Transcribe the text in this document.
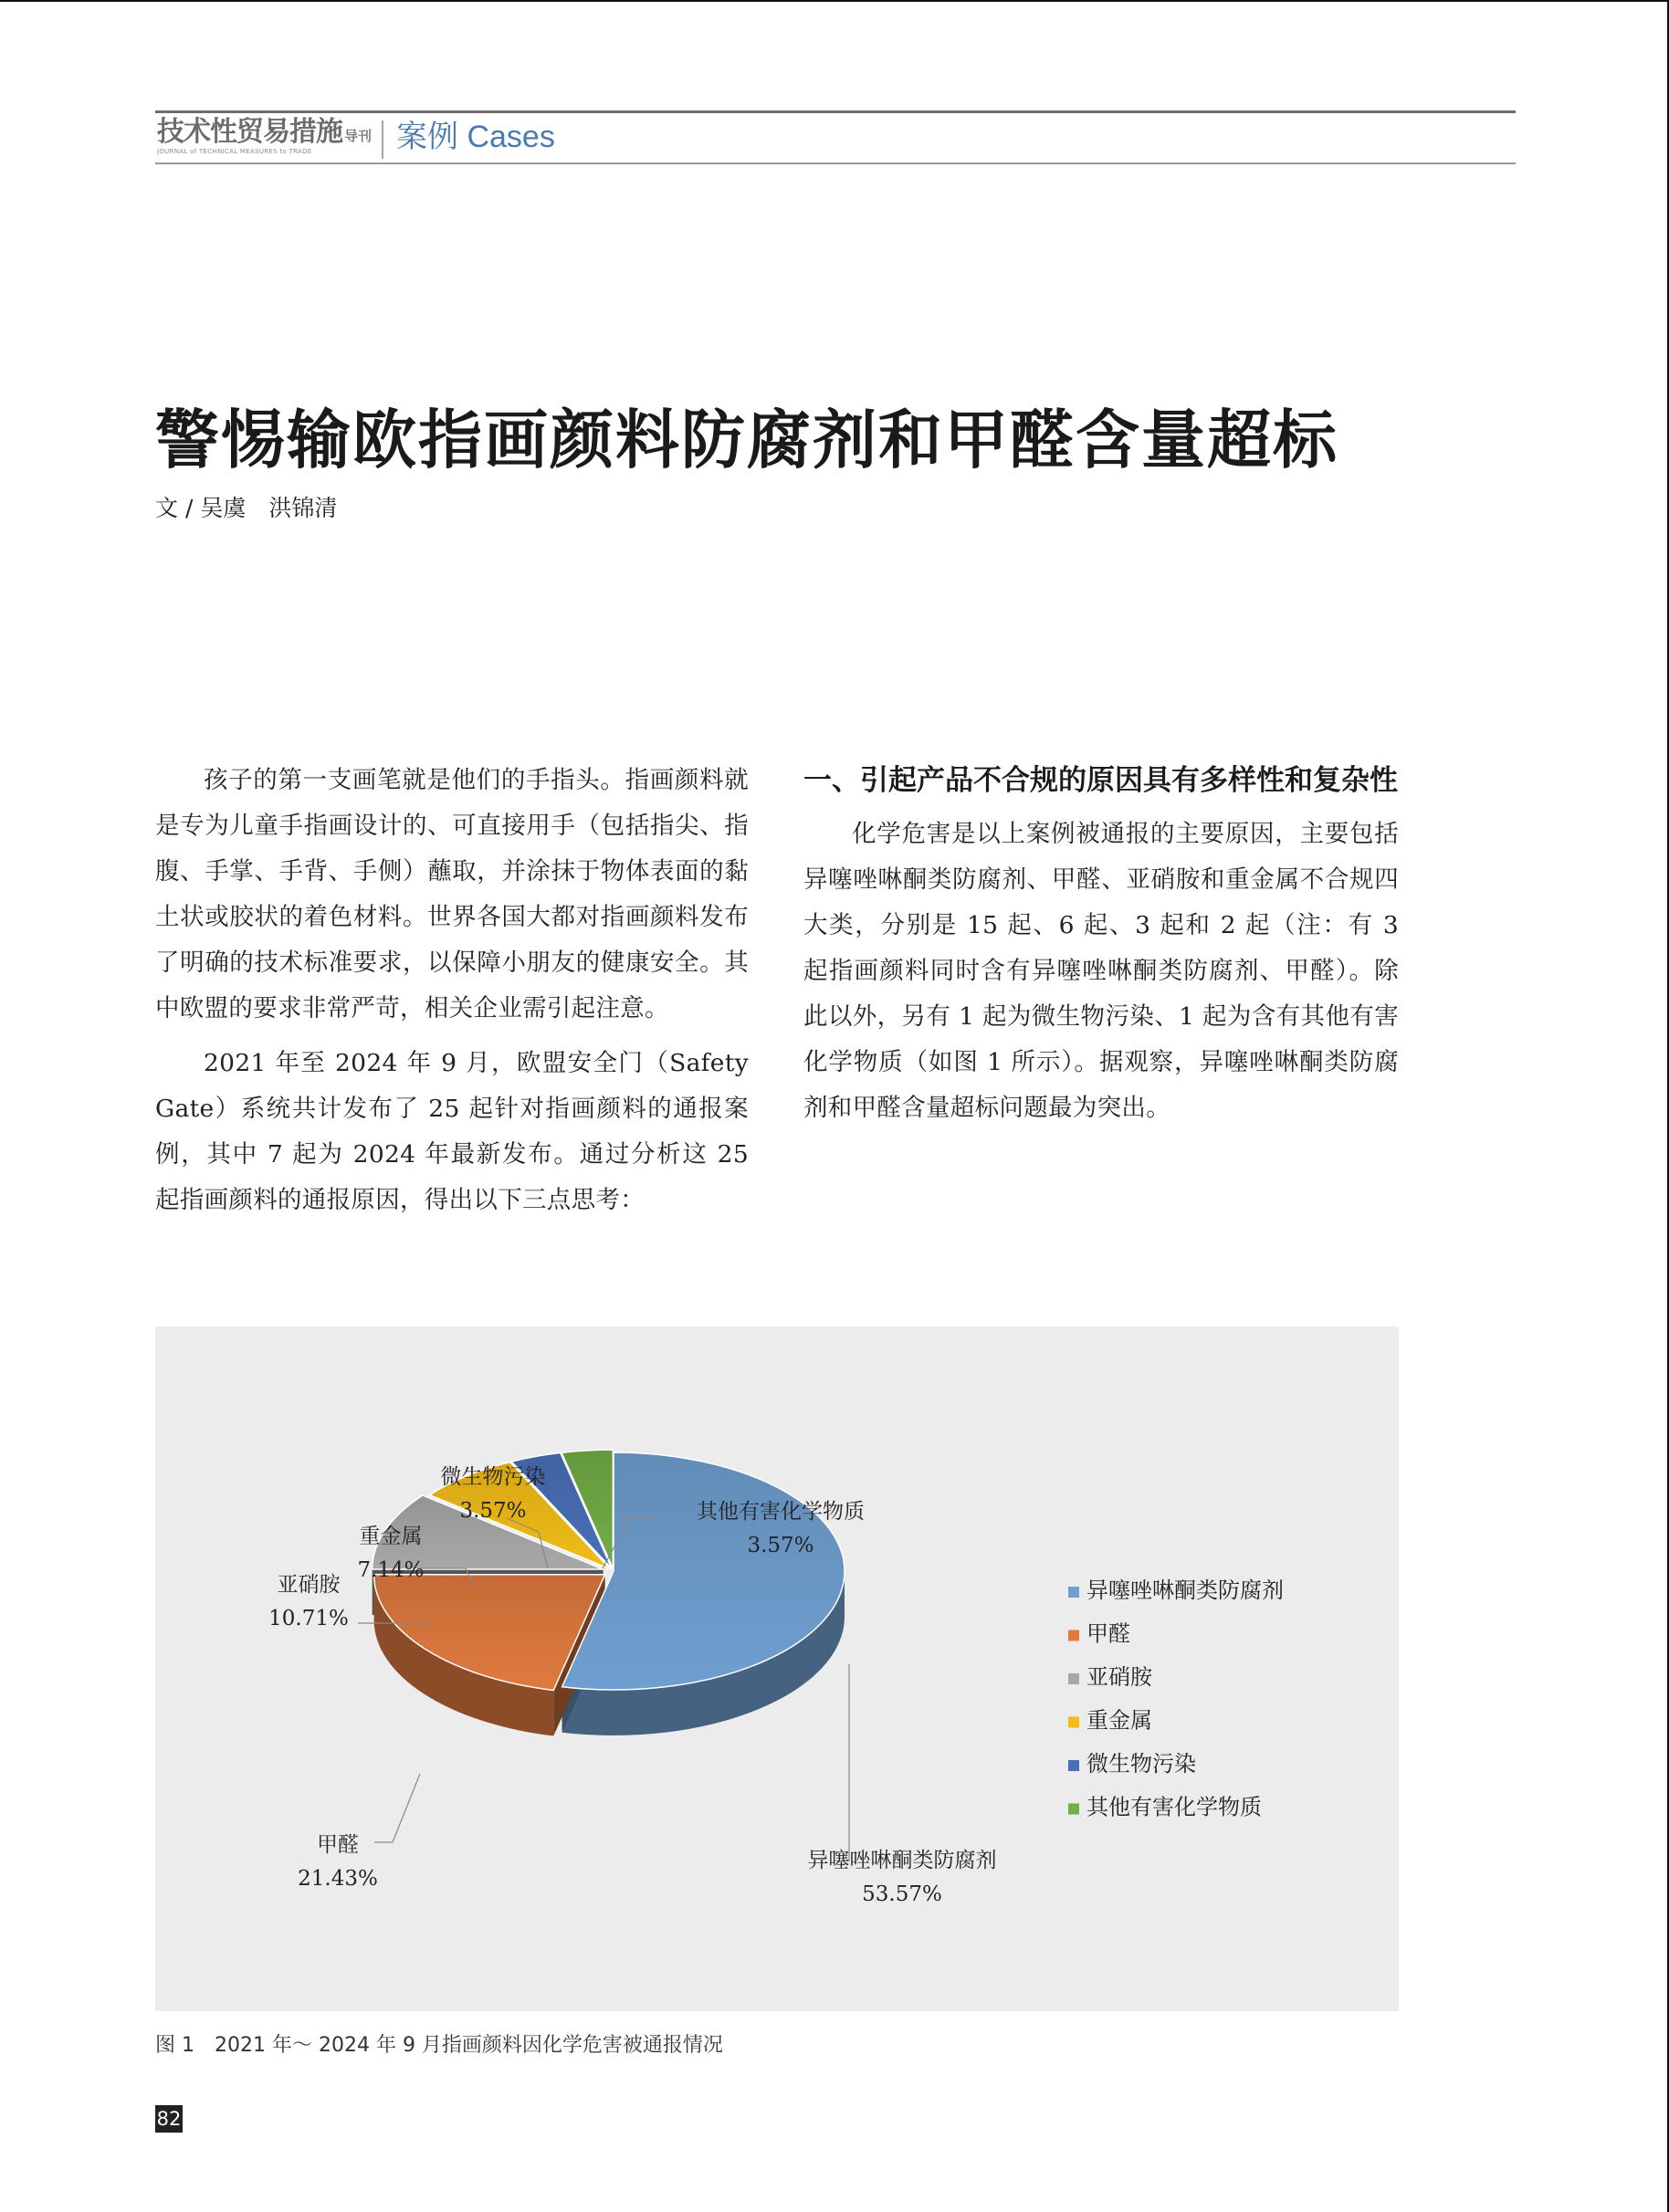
技术性贸易措施 导刊
JOURNAL of TECHNICAL MEASURES to TRADE	案例 Cases
警惕输欧指画颜料防腐剂和甲醛含量超标
文 / 吴虞　洪锦清

孩子的第一支画笔就是他们的手指头。指画颜料就是专为儿童手指画设计的、可直接用手（包括指尖、指腹、手掌、手背、手侧）蘸取，并涂抹于物体表面的黏土状或胶状的着色材料。世界各国大都对指画颜料发布了明确的技术标准要求，以保障小朋友的健康安全。其中欧盟的要求非常严苛，相关企业需引起注意。

2021 年至 2024 年 9 月，欧盟安全门（Safety Gate）系统共计发布了 25 起针对指画颜料的通报案例，其中 7 起为 2024 年最新发布。通过分析这 25 起指画颜料的通报原因，得出以下三点思考：

一、引起产品不合规的原因具有多样性和复杂性

化学危害是以上案例被通报的主要原因，主要包括异噻唑啉酮类防腐剂、甲醛、亚硝胺和重金属不合规四大类，分别是 15 起、6 起、3 起和 2 起（注：有 3 起指画颜料同时含有异噻唑啉酮类防腐剂、甲醛）。除此以外，另有 1 起为微生物污染、1 起为含有其他有害化学物质（如图 1 所示）。据观察，异噻唑啉酮类防腐剂和甲醛含量超标问题最为突出。

异噻唑啉酮类防腐剂
53.57%
甲醛
21.43%
亚硝胺
10.71%
重金属
7.14%
微生物污染
3.57%	其他有害化学物质
3.57%
异噻唑啉酮类防腐剂
甲醛
亚硝胺
重金属
微生物污染
其他有害化学物质
图 1　2021 年～ 2024 年 9 月指画颜料因化学危害被通报情况
82
